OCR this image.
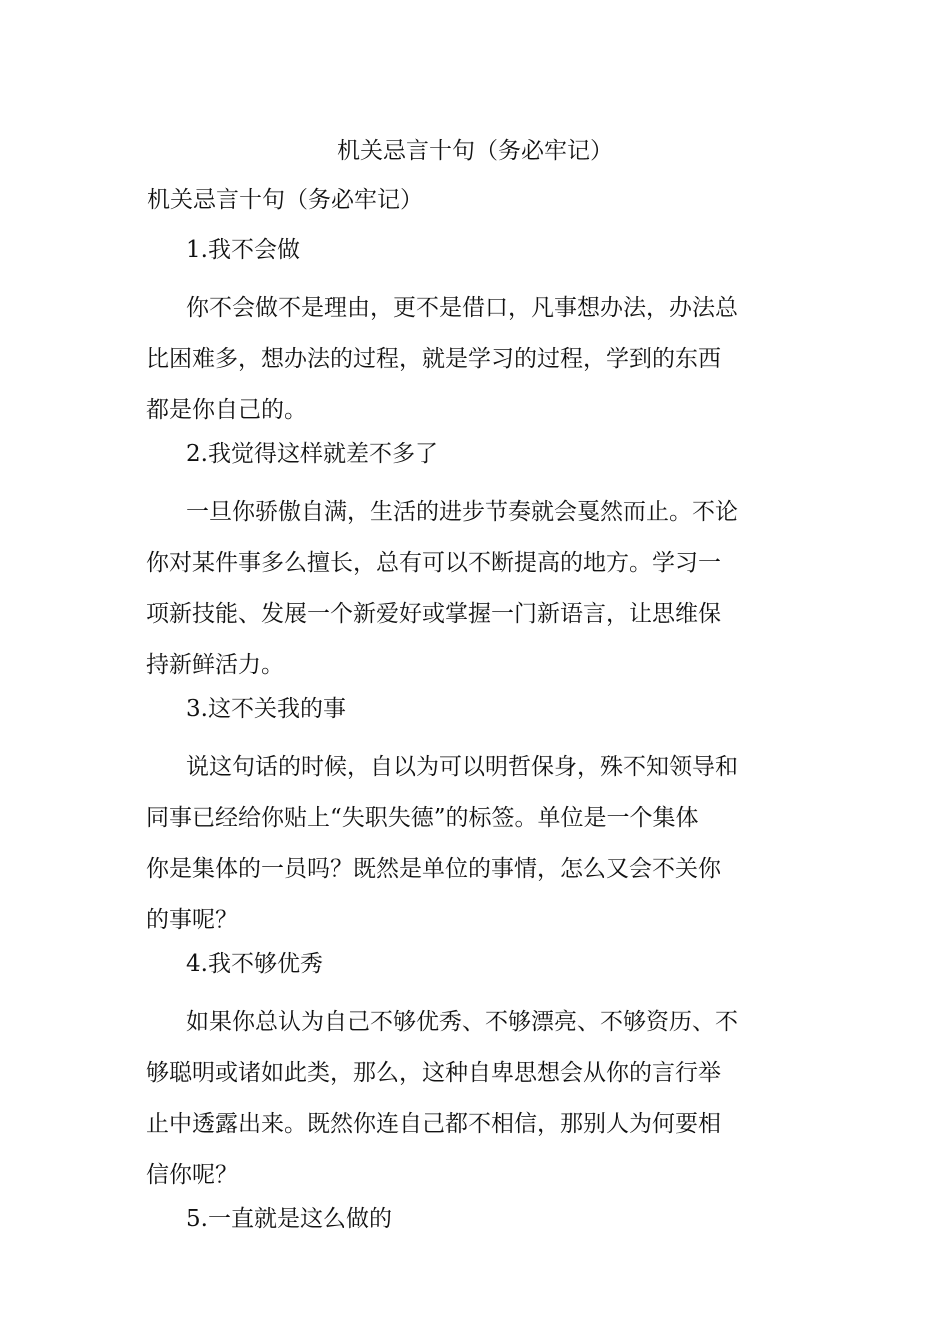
机关忌言十句（务必牢记）
机关忌言十句（务必牢记）
1.我不会做
你不会做不是理由，更不是借口，凡事想办法，办法总
比困难多，想办法的过程，就是学习的过程，学到的东西
都是你自己的。
2.我觉得这样就差不多了
一旦你骄傲自满，生活的进步节奏就会戛然而止。不论
你对某件事多么擅长，总有可以不断提高的地方。学习一
项新技能、发展一个新爱好或掌握一门新语言，让思维保
持新鲜活力。
3.这不关我的事
说这句话的时候，自以为可以明哲保身，殊不知领导和
同事已经给你贴上“失职失德”的标签。单位是一个集体
你是集体的一员吗？既然是单位的事情，怎么又会不关你
的事呢？
4.我不够优秀
如果你总认为自己不够优秀、不够漂亮、不够资历、不
够聪明或诸如此类，那么，这种自卑思想会从你的言行举
止中透露出来。既然你连自己都不相信，那别人为何要相
信你呢？
5.一直就是这么做的
